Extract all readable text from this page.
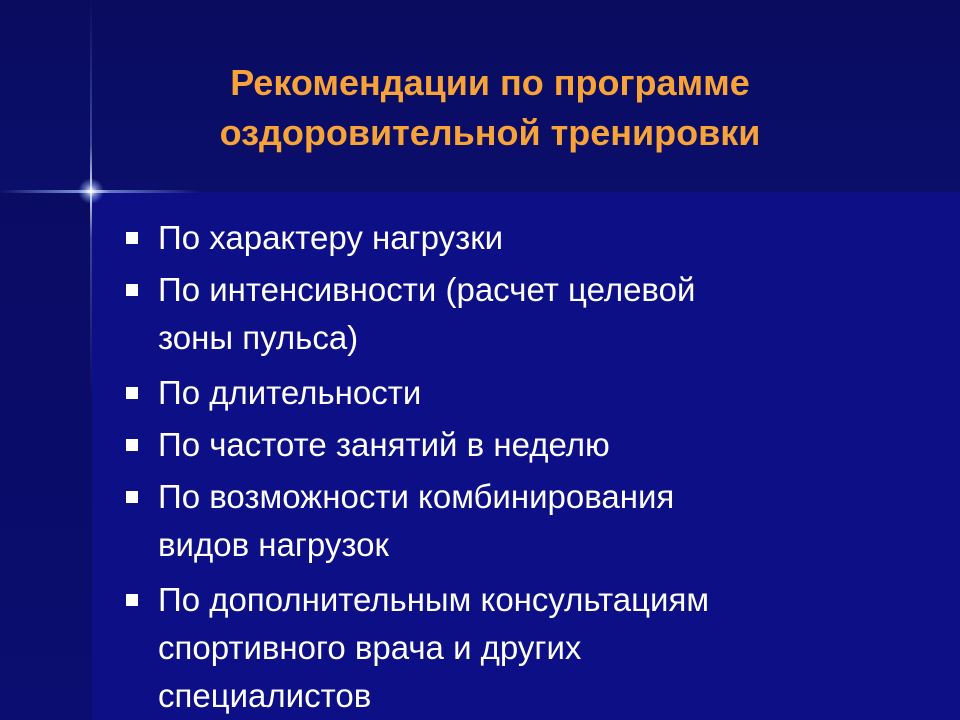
Рекомендации по программе
оздоровительной тренировки
По характеру нагрузки
По интенсивности (расчет целевой
зоны пульса)
По длительности
По частоте занятий в неделю
По возможности комбинирования
видов нагрузок
По дополнительным консультациям
спортивного врача и других
специалистов
